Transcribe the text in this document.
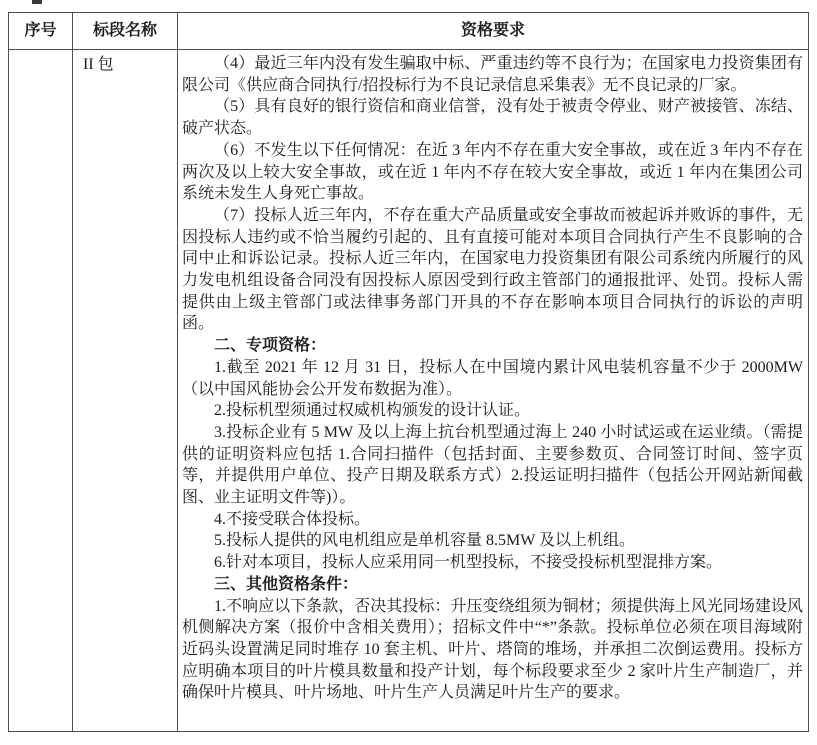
序号	标段名称	资格要求
	II 包	（4）最近三年内没有发生骗取中标、严重违约等不良行为；在国家电力投资集团有限公司《供应商合同执行/招投标行为不良记录信息采集表》无不良记录的厂家。

（5）具有良好的银行资信和商业信誉，没有处于被责令停业、财产被接管、冻结、破产状态。

（6）不发生以下任何情况：在近 3 年内不存在重大安全事故，或在近 3 年内不存在两次及以上较大安全事故，或在近 1 年内不存在较大安全事故，或近 1 年内在集团公司系统未发生人身死亡事故。

（7）投标人近三年内，不存在重大产品质量或安全事故而被起诉并败诉的事件，无因投标人违约或不恰当履约引起的、且有直接可能对本项目合同执行产生不良影响的合同中止和诉讼记录。投标人近三年内，在国家电力投资集团有限公司系统内所履行的风力发电机组设备合同没有因投标人原因受到行政主管部门的通报批评、处罚。投标人需提供由上级主管部门或法律事务部门开具的不存在影响本项目合同执行的诉讼的声明函。

二、专项资格：

1.截至 2021 年 12 月 31 日，投标人在中国境内累计风电装机容量不少于 2000MW（以中国风能协会公开发布数据为准）。

2.投标机型须通过权威机构颁发的设计认证。

3.投标企业有 5 MW 及以上海上抗台机型通过海上 240 小时试运或在运业绩。（需提供的证明资料应包括 1.合同扫描件（包括封面、主要参数页、合同签订时间、签字页等，并提供用户单位、投产日期及联系方式）2.投运证明扫描件（包括公开网站新闻截图、业主证明文件等)）。

4.不接受联合体投标。

5.投标人提供的风电机组应是单机容量 8.5MW 及以上机组。

6.针对本项目，投标人应采用同一机型投标，不接受投标机型混排方案。

三、其他资格条件：

1.不响应以下条款，否决其投标：升压变绕组须为铜材；须提供海上风光同场建设风机侧解决方案（报价中含相关费用）；招标文件中“*”条款。投标单位必须在项目海域附近码头设置满足同时堆存 10 套主机、叶片、塔筒的堆场，并承担二次倒运费用。投标方应明确本项目的叶片模具数量和投产计划，每个标段要求至少 2 家叶片生产制造厂，并确保叶片模具、叶片场地、叶片生产人员满足叶片生产的要求。
